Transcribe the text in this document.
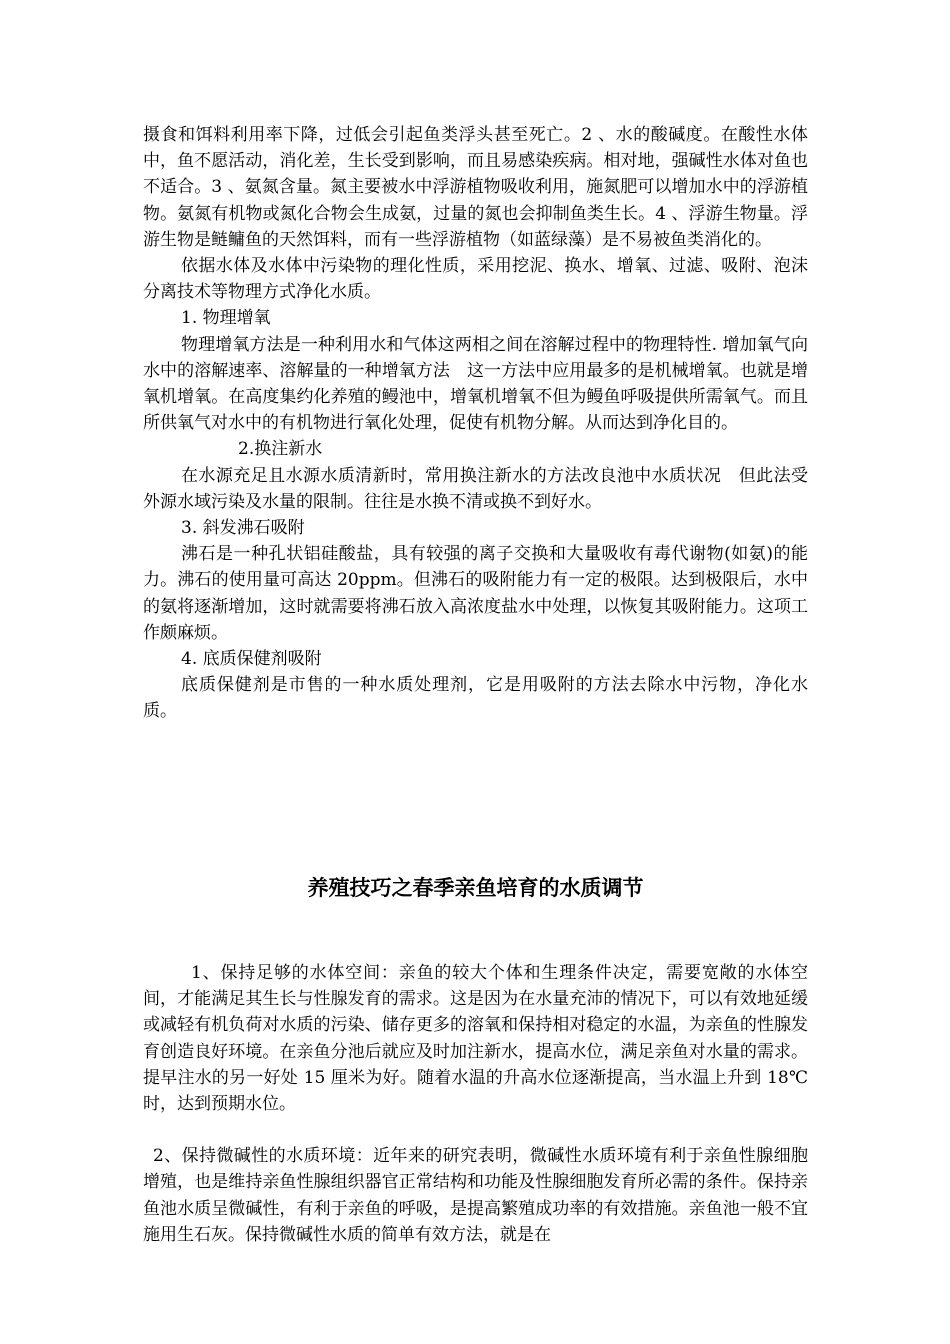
摄食和饵料利用率下降，过低会引起鱼类浮头甚至死亡。2 、水的酸碱度。在酸性水体中，鱼不愿活动，消化差，生长受到影响，而且易感染疾病。相对地，强碱性水体对鱼也不适合。3 、氨氮含量。氮主要被水中浮游植物吸收利用，施氮肥可以增加水中的浮游植物。氨氮有机物或氮化合物会生成氨，过量的氮也会抑制鱼类生长。4 、浮游生物量。浮游生物是鲢鳙鱼的天然饵料，而有一些浮游植物（如蓝绿藻）是不易被鱼类消化的。

依据水体及水体中污染物的理化性质，采用挖泥、换水、增氧、过滤、吸附、泡沫分离技术等物理方式净化水质。

1. 物理增氧

物理增氧方法是一种利用水和气体这两相之间在溶解过程中的物理特性. 增加氧气向水中的溶解速率、溶解量的一种增氧方法　这一方法中应用最多的是机械增氧。也就是增氧机增氧。在高度集约化养殖的鳗池中，增氧机增氧不但为鳗鱼呼吸提供所需氧气。而且所供氧气对水中的有机物进行氧化处理，促使有机物分解。从而达到净化目的。

2.换注新水

在水源充足且水源水质清新时，常用换注新水的方法改良池中水质状况　但此法受外源水域污染及水量的限制。往往是水换不清或换不到好水。

3. 斜发沸石吸附

沸石是一种孔状铝硅酸盐，具有较强的离子交换和大量吸收有毒代谢物(如氨)的能力。沸石的使用量可高达 20ppm。但沸石的吸附能力有一定的极限。达到极限后，水中的氨将逐渐增加，这时就需要将沸石放入高浓度盐水中处理，以恢复其吸附能力。这项工作颇麻烦。

4. 底质保健剂吸附

底质保健剂是市售的一种水质处理剂，它是用吸附的方法去除水中污物，净化水质。

养殖技巧之春季亲鱼培育的水质调节

1、保持足够的水体空间：亲鱼的较大个体和生理条件决定，需要宽敞的水体空间，才能满足其生长与性腺发育的需求。这是因为在水量充沛的情况下，可以有效地延缓或减轻有机负荷对水质的污染、储存更多的溶氧和保持相对稳定的水温，为亲鱼的性腺发育创造良好环境。在亲鱼分池后就应及时加注新水，提高水位，满足亲鱼对水量的需求。提早注水的另一好处 15 厘米为好。随着水温的升高水位逐渐提高，当水温上升到 18℃时，达到预期水位。

2、保持微碱性的水质环境：近年来的研究表明，微碱性水质环境有利于亲鱼性腺细胞增殖，也是维持亲鱼性腺组织器官正常结构和功能及性腺细胞发育所必需的条件。保持亲鱼池水质呈微碱性，有利于亲鱼的呼吸，是提高繁殖成功率的有效措施。亲鱼池一般不宜施用生石灰。保持微碱性水质的简单有效方法，就是在
